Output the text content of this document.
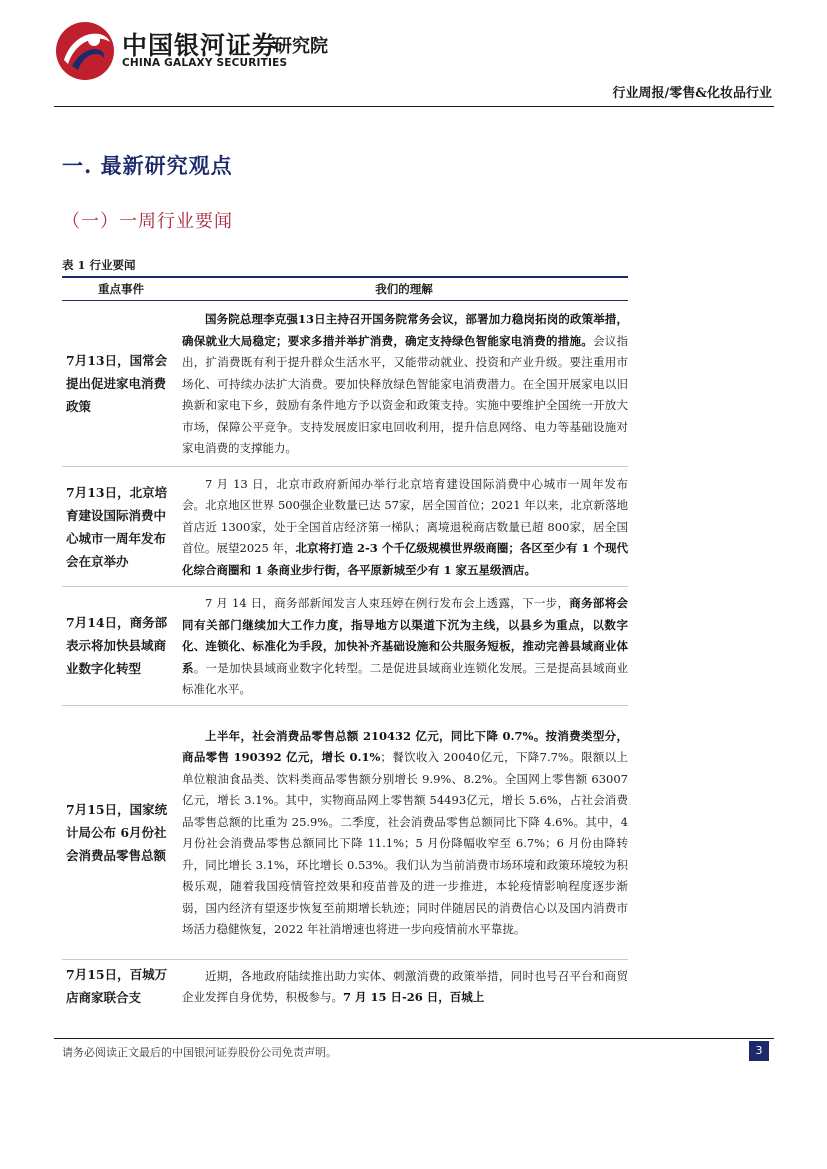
中国银河证券
研究院
CHINA GALAXY SECURITIES
行业周报/零售&化妆品行业
一. 最新研究观点
（一）一周行业要闻
表 1 行业要闻
重点事件	我们的理解

7月13日，国常会提出促进家电消费政策	国务院总理李克强13日主持召开国务院常务会议，部署加力稳岗拓岗的政策举措，确保就业大局稳定；要求多措并举扩消费，确定支持绿色智能家电消费的措施。会议指出，扩消费既有利于提升群众生活水平，又能带动就业、投资和产业升级。要注重用市场化、可持续办法扩大消费。要加快释放绿色智能家电消费潜力。在全国开展家电以旧换新和家电下乡，鼓励有条件地方予以资金和政策支持。实施中要维护全国统一开放大市场，保障公平竞争。支持发展废旧家电回收利用，提升信息网络、电力等基础设施对家电消费的支撑能力。

7月13日，北京培育建设国际消费中心城市一周年发布会在京举办	7 月 13 日，北京市政府新闻办举行北京培育建设国际消费中心城市一周年发布会。北京地区世界 500强企业数量已达 57家，居全国首位；2021 年以来，北京新落地首店近 1300家，处于全国首店经济第一梯队；离境退税商店数量已超 800家，居全国首位。展望2025 年，北京将打造 2-3 个千亿级规模世界级商圈；各区至少有 1 个现代化综合商圈和 1 条商业步行街，各平原新城至少有 1 家五星级酒店。

7月14日，商务部表示将加快县域商业数字化转型	7 月 14 日，商务部新闻发言人束珏婷在例行发布会上透露，下一步，商务部将会同有关部门继续加大工作力度，指导地方以渠道下沉为主线，以县乡为重点，以数字化、连锁化、标准化为手段，加快补齐基础设施和公共服务短板，推动完善县域商业体系。一是加快县域商业数字化转型。二是促进县域商业连锁化发展。三是提高县域商业标准化水平。

7月15日，国家统计局公布 6月份社会消费品零售总额	上半年，社会消费品零售总额 210432 亿元，同比下降 0.7%。按消费类型分，商品零售 190392 亿元，增长 0.1%；餐饮收入 20040亿元，下降7.7%。限额以上单位粮油食品类、饮料类商品零售额分别增长 9.9%、8.2%。全国网上零售额 63007亿元，增长 3.1%。其中，实物商品网上零售额 54493亿元，增长 5.6%，占社会消费品零售总额的比重为 25.9%。二季度，社会消费品零售总额同比下降 4.6%。其中，4 月份社会消费品零售总额同比下降 11.1%；5 月份降幅收窄至 6.7%；6 月份由降转升，同比增长 3.1%，环比增长 0.53%。我们认为当前消费市场环境和政策环境较为积极乐观，随着我国疫情管控效果和疫苗普及的进一步推进，本轮疫情影响程度逐步渐弱，国内经济有望逐步恢复至前期增长轨迹；同时伴随居民的消费信心以及国内消费市场活力稳健恢复，2022 年社消增速也将进一步向疫情前水平靠拢。

7月15日，百城万店商家联合支	近期，各地政府陆续推出助力实体、刺激消费的政策举措，同时也号召平台和商贸企业发挥自身优势，积极参与。7 月 15 日-26 日，百城上
请务必阅读正文最后的中国银河证券股份公司免责声明。	3
